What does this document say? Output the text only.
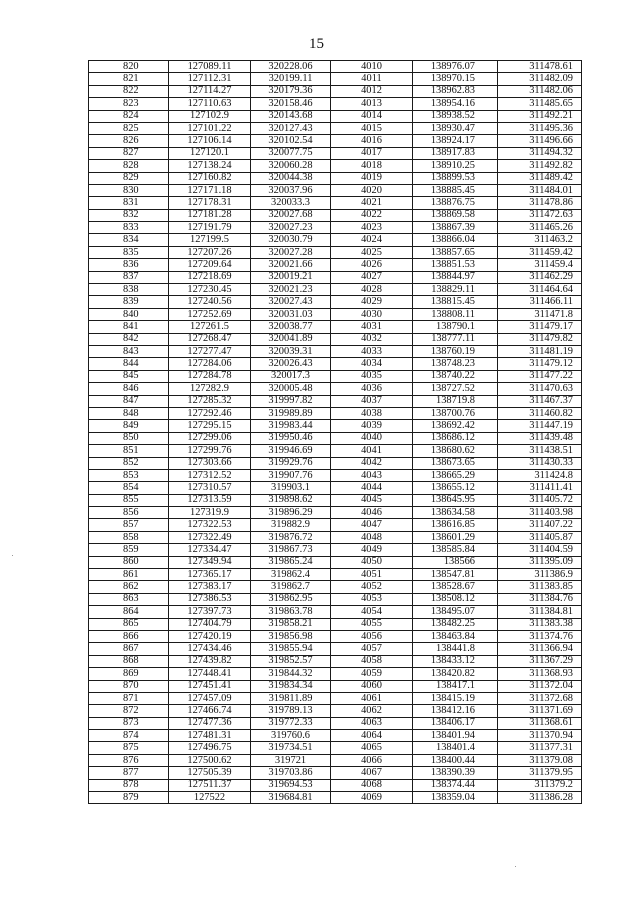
15
820	127089.11	320228.06	4010	138976.07	311478.61
821	127112.31	320199.11	4011	138970.15	311482.09
822	127114.27	320179.36	4012	138962.83	311482.06
823	127110.63	320158.46	4013	138954.16	311485.65
824	127102.9	320143.68	4014	138938.52	311492.21
825	127101.22	320127.43	4015	138930.47	311495.36
826	127106.14	320102.54	4016	138924.17	311496.66
827	127120.1	320077.75	4017	138917.83	311494.32
828	127138.24	320060.28	4018	138910.25	311492.82
829	127160.82	320044.38	4019	138899.53	311489.42
830	127171.18	320037.96	4020	138885.45	311484.01
831	127178.31	320033.3	4021	138876.75	311478.86
832	127181.28	320027.68	4022	138869.58	311472.63
833	127191.79	320027.23	4023	138867.39	311465.26
834	127199.5	320030.79	4024	138866.04	311463.2
835	127207.26	320027.28	4025	138857.65	311459.42
836	127209.64	320021.66	4026	138851.53	311459.4
837	127218.69	320019.21	4027	138844.97	311462.29
838	127230.45	320021.23	4028	138829.11	311464.64
839	127240.56	320027.43	4029	138815.45	311466.11
840	127252.69	320031.03	4030	138808.11	311471.8
841	127261.5	320038.77	4031	138790.1	311479.17
842	127268.47	320041.89	4032	138777.11	311479.82
843	127277.47	320039.31	4033	138760.19	311481.19
844	127284.06	320026.43	4034	138748.23	311479.12
845	127284.78	320017.3	4035	138740.22	311477.22
846	127282.9	320005.48	4036	138727.52	311470.63
847	127285.32	319997.82	4037	138719.8	311467.37
848	127292.46	319989.89	4038	138700.76	311460.82
849	127295.15	319983.44	4039	138692.42	311447.19
850	127299.06	319950.46	4040	138686.12	311439.48
851	127299.76	319946.69	4041	138680.62	311438.51
852	127303.66	319929.76	4042	138673.65	311430.33
853	127312.52	319907.76	4043	138665.29	311424.8
854	127310.57	319903.1	4044	138655.12	311411.41
855	127313.59	319898.62	4045	138645.95	311405.72
856	127319.9	319896.29	4046	138634.58	311403.98
857	127322.53	319882.9	4047	138616.85	311407.22
858	127322.49	319876.72	4048	138601.29	311405.87
859	127334.47	319867.73	4049	138585.84	311404.59
860	127349.94	319865.24	4050	138566	311395.09
861	127365.17	319862.4	4051	138547.81	311386.9
862	127383.17	319862.7	4052	138528.67	311383.85
863	127386.53	319862.95	4053	138508.12	311384.76
864	127397.73	319863.78	4054	138495.07	311384.81
865	127404.79	319858.21	4055	138482.25	311383.38
866	127420.19	319856.98	4056	138463.84	311374.76
867	127434.46	319855.94	4057	138441.8	311366.94
868	127439.82	319852.57	4058	138433.12	311367.29
869	127448.41	319844.32	4059	138420.82	311368.93
870	127451.41	319834.34	4060	138417.1	311372.04
871	127457.09	319811.89	4061	138415.19	311372.68
872	127466.74	319789.13	4062	138412.16	311371.69
873	127477.36	319772.33	4063	138406.17	311368.61
874	127481.31	319760.6	4064	138401.94	311370.94
875	127496.75	319734.51	4065	138401.4	311377.31
876	127500.62	319721	4066	138400.44	311379.08
877	127505.39	319703.86	4067	138390.39	311379.95
878	127511.37	319694.53	4068	138374.44	311379.2
879	127522	319684.81	4069	138359.04	311386.28
